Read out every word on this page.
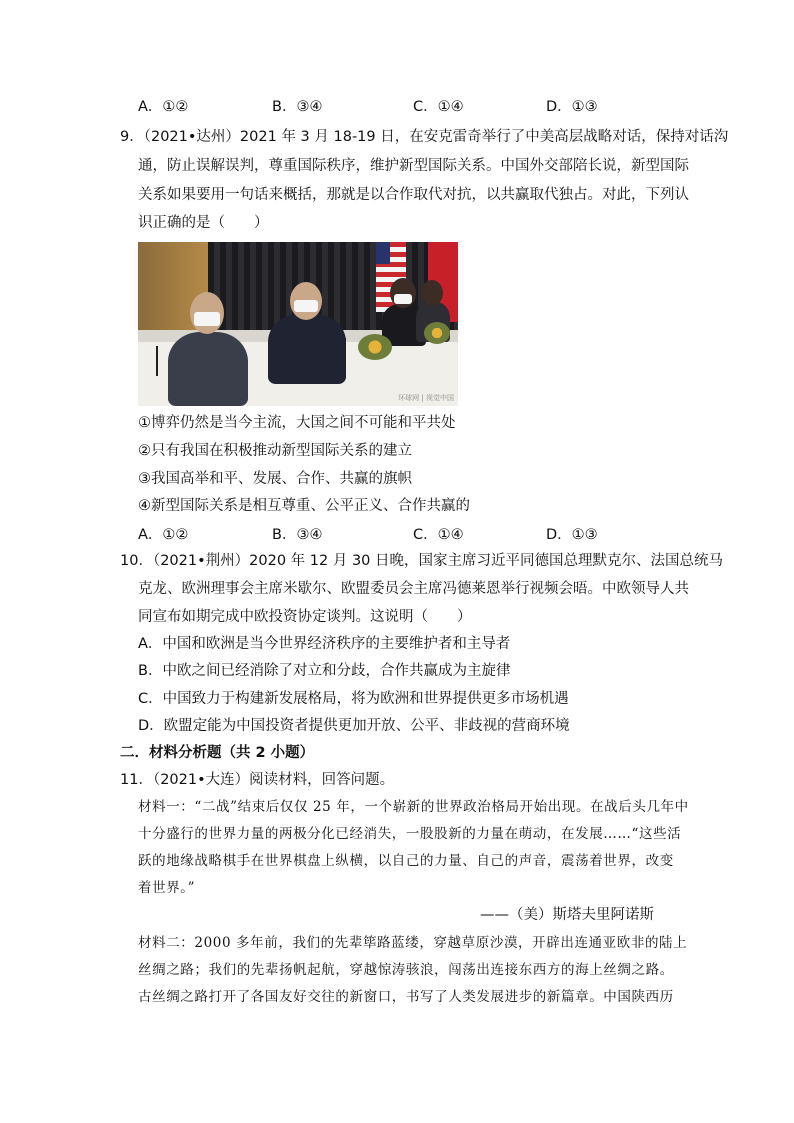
A．①②	B．③④	C．①④	D．①③
9．（2021•达州）2021 年 3 月 18-19 日，在安克雷奇举行了中美高层战略对话，保持对话沟
通，防止误解误判，尊重国际秩序，维护新型国际关系。中国外交部陪长说，新型国际
关系如果要用一句话来概括，那就是以合作取代对抗，以共赢取代独占。对此，下列认
识正确的是（　　）
环球网 | 视觉中国
①博弈仍然是当今主流，大国之间不可能和平共处
②只有我国在积极推动新型国际关系的建立
③我国高举和平、发展、合作、共赢的旗帜
④新型国际关系是相互尊重、公平正义、合作共赢的
A．①②	B．③④	C．①④	D．①③
10．（2021•荆州）2020 年 12 月 30 日晚，国家主席习近平同德国总理默克尔、法国总统马
克龙、欧洲理事会主席米歇尔、欧盟委员会主席冯德莱恩举行视频会晤。中欧领导人共
同宣布如期完成中欧投资协定谈判。这说明（　　）
A．中国和欧洲是当今世界经济秩序的主要维护者和主导者
B．中欧之间已经消除了对立和分歧，合作共赢成为主旋律
C．中国致力于构建新发展格局，将为欧洲和世界提供更多市场机遇
D．欧盟定能为中国投资者提供更加开放、公平、非歧视的营商环境
二．材料分析题（共 2 小题）
11．（2021•大连）阅读材料，回答问题。
材料一：“二战”结束后仅仅 25 年，一个崭新的世界政治格局开始出现。在战后头几年中
十分盛行的世界力量的两极分化已经消失，一股股新的力量在萌动，在发展……“这些活
跃的地缘战略棋手在世界棋盘上纵横，以自己的力量、自己的声音，震荡着世界，改变
着世界。”
——（美）斯塔夫里阿诺斯
材料二：2000 多年前，我们的先辈筚路蓝缕，穿越草原沙漠，开辟出连通亚欧非的陆上
丝绸之路；我们的先辈扬帆起航，穿越惊涛骇浪，闯荡出连接东西方的海上丝绸之路。
古丝绸之路打开了各国友好交往的新窗口，书写了人类发展进步的新篇章。中国陕西历
